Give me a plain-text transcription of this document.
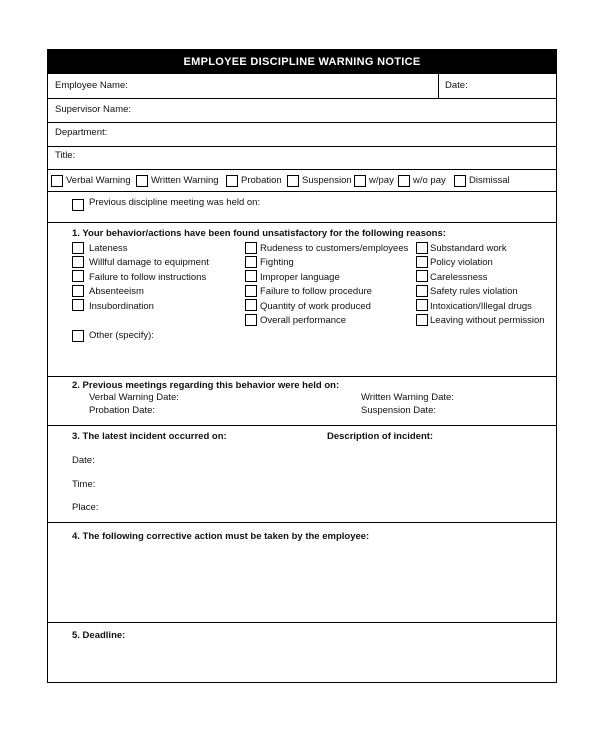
EMPLOYEE DISCIPLINE WARNING NOTICE
Employee Name:	Date:
Supervisor Name:
Department:
Title:
Verbal Warning Written Warning Probation Suspension w/pay w/o pay Dismissal
Previous discipline meeting was held on:
1. Your behavior/actions have been found unsatisfactory for the following reasons:
Lateness
Willful damage to equipment
Failure to follow instructions
Absenteeism
Insubordination
Rudeness to customers/employees
Fighting
Improper language
Failure to follow procedure
Quantity of work produced
Overall performance
Substandard work
Policy violation
Carelessness
Safety rules violation
Intoxication/Illegal drugs
Leaving without permission
Other (specify):
2. Previous meetings regarding this behavior were held on:
Verbal Warning Date:	Written Warning Date:
Probation Date:	Suspension Date:
3. The latest incident occurred on:	Description of incident:
Date:
Time:
Place:
4. The following corrective action must be taken by the employee:
5. Deadline:
